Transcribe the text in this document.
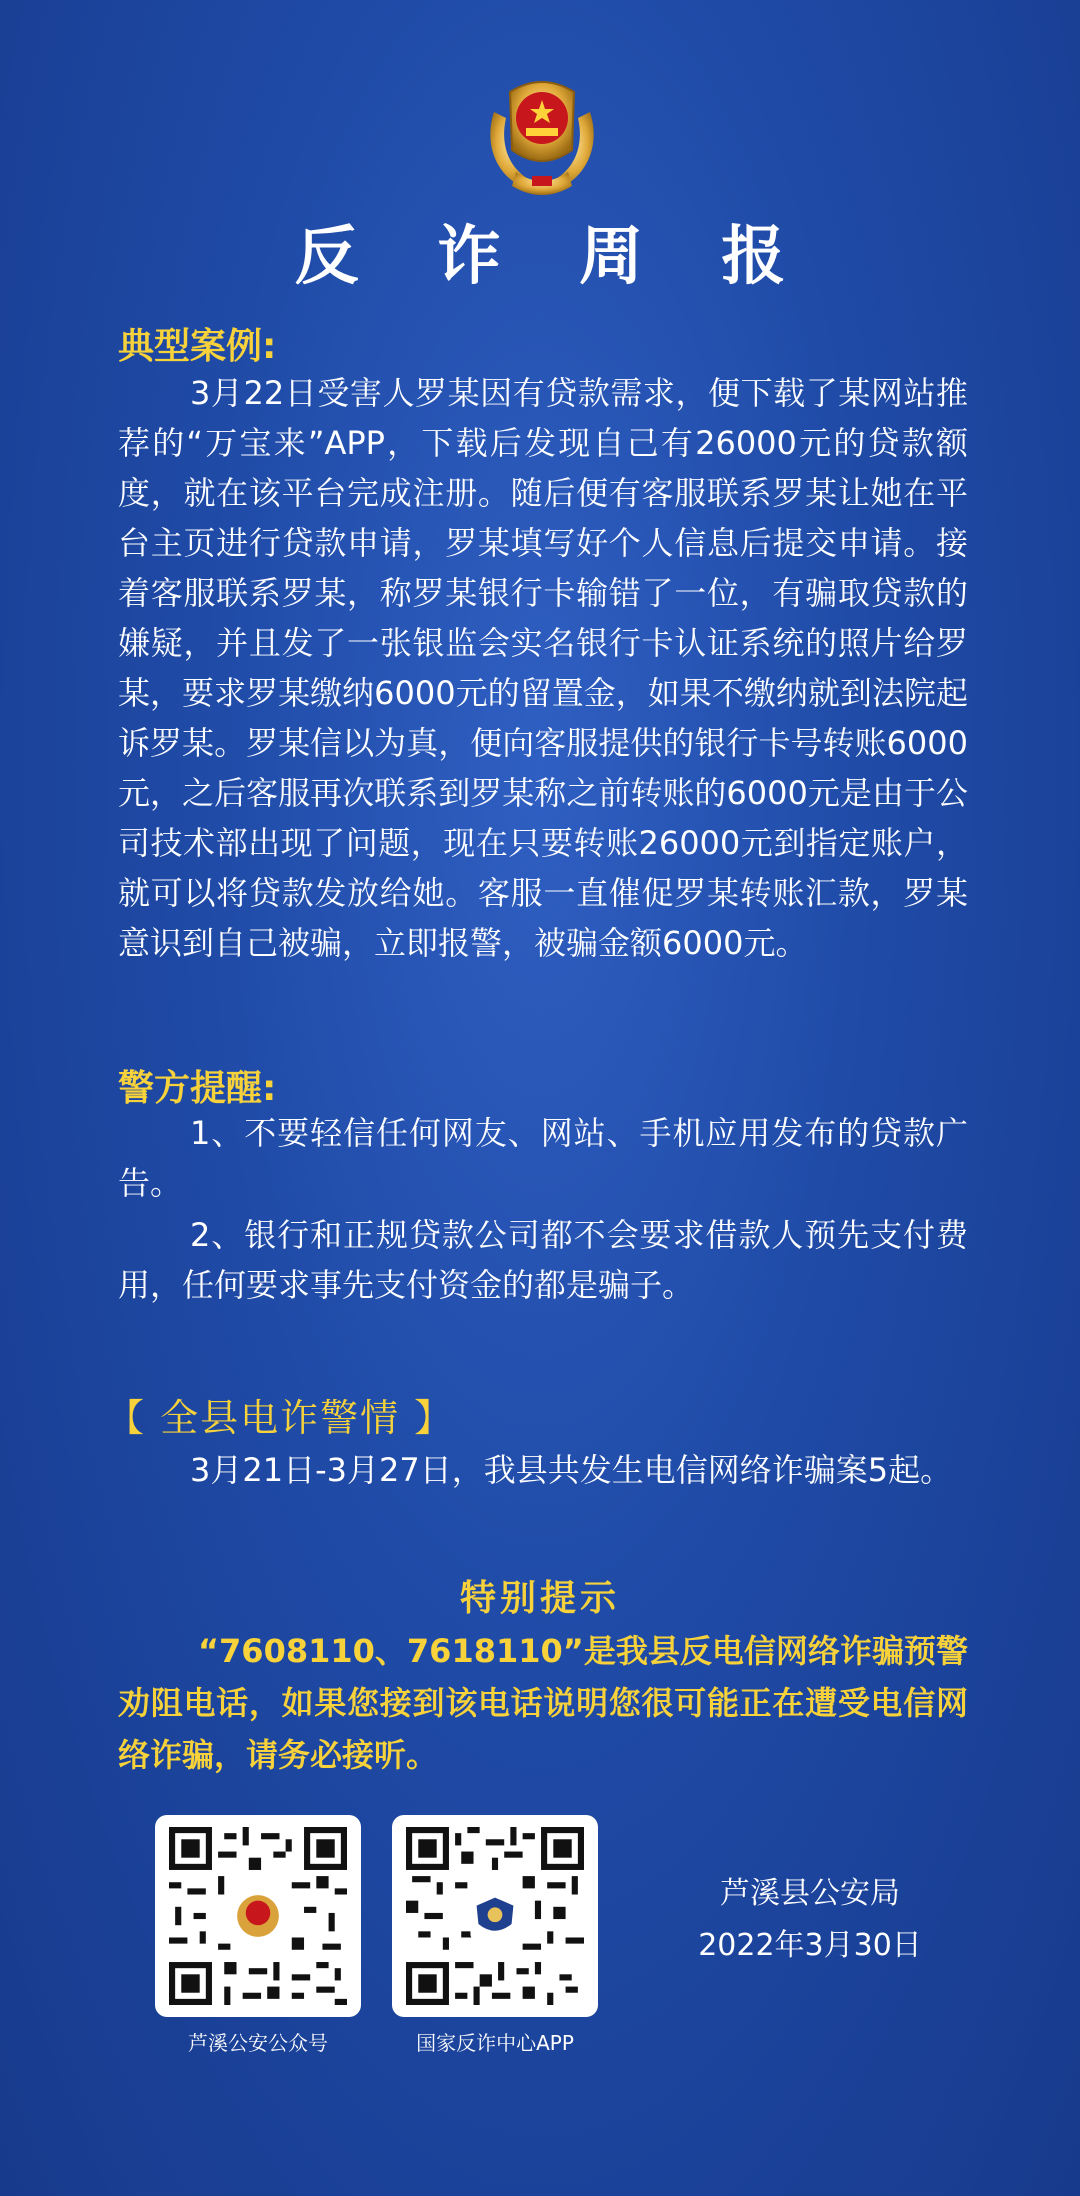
反 诈 周 报
典型案例:
3月22日受害人罗某因有贷款需求，便下载了某网站推荐的“万宝来”APP，下载后发现自己有26000元的贷款额度，就在该平台完成注册。随后便有客服联系罗某让她在平台主页进行贷款申请，罗某填写好个人信息后提交申请。接着客服联系罗某，称罗某银行卡输错了一位，有骗取贷款的嫌疑，并且发了一张银监会实名银行卡认证系统的照片给罗某，要求罗某缴纳6000元的留置金，如果不缴纳就到法院起诉罗某。罗某信以为真，便向客服提供的银行卡号转账6000元，之后客服再次联系到罗某称之前转账的6000元是由于公司技术部出现了问题，现在只要转账26000元到指定账户，就可以将贷款发放给她。客服一直催促罗某转账汇款，罗某意识到自己被骗，立即报警，被骗金额6000元。
警方提醒:
1、不要轻信任何网友、网站、手机应用发布的贷款广告。
2、银行和正规贷款公司都不会要求借款人预先支付费用，任何要求事先支付资金的都是骗子。
【 全县电诈警情 】
3月21日-3月27日，我县共发生电信网络诈骗案5起。
特别提示
“7608110、7618110”是我县反电信网络诈骗预警劝阻电话，如果您接到该电话说明您很可能正在遭受电信网络诈骗，请务必接听。
芦溪公安公众号	国家反诈中心APP
芦溪县公安局
2022年3月30日
